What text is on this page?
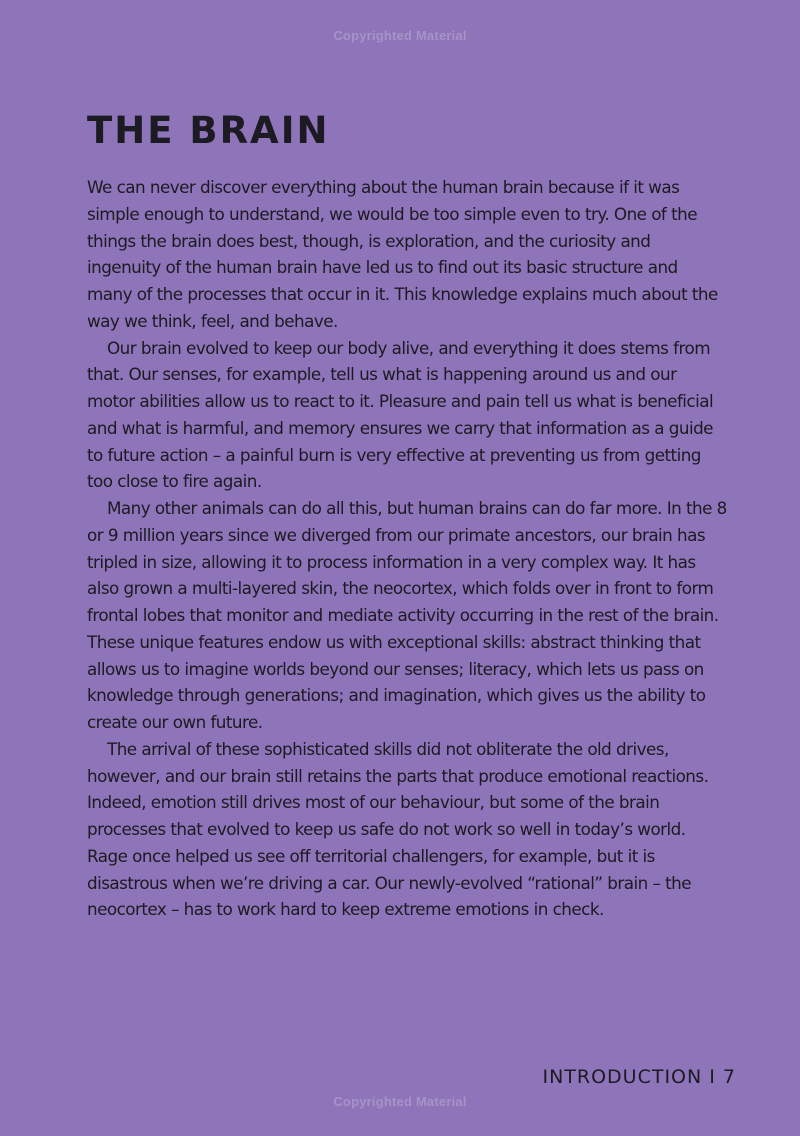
Copyrighted Material
THE BRAIN

We can never discover everything about the human brain because if it was simple enough to understand, we would be too simple even to try. One of the things the brain does best, though, is exploration, and the curiosity and ingenuity of the human brain have led us to find out its basic structure and many of the processes that occur in it. This knowledge explains much about the way we think, feel, and behave.

Our brain evolved to keep our body alive, and everything it does stems from that. Our senses, for example, tell us what is happening around us and our motor abilities allow us to react to it. Pleasure and pain tell us what is beneficial and what is harmful, and memory ensures we carry that information as a guide to future action – a painful burn is very effective at preventing us from getting too close to fire again.

Many other animals can do all this, but human brains can do far more. In the 8 or 9 million years since we diverged from our primate ancestors, our brain has tripled in size, allowing it to process information in a very complex way. It has also grown a multi-layered skin, the neocortex, which folds over in front to form frontal lobes that monitor and mediate activity occurring in the rest of the brain. These unique features endow us with exceptional skills: abstract thinking that allows us to imagine worlds beyond our senses; literacy, which lets us pass on knowledge through generations; and imagination, which gives us the ability to create our own future.

The arrival of these sophisticated skills did not obliterate the old drives, however, and our brain still retains the parts that produce emotional reactions. Indeed, emotion still drives most of our behaviour, but some of the brain processes that evolved to keep us safe do not work so well in today’s world. Rage once helped us see off territorial challengers, for example, but it is disastrous when we’re driving a car. Our newly-evolved “rational” brain – the neocortex – has to work hard to keep extreme emotions in check.

INTRODUCTION I 7
Copyrighted Material
